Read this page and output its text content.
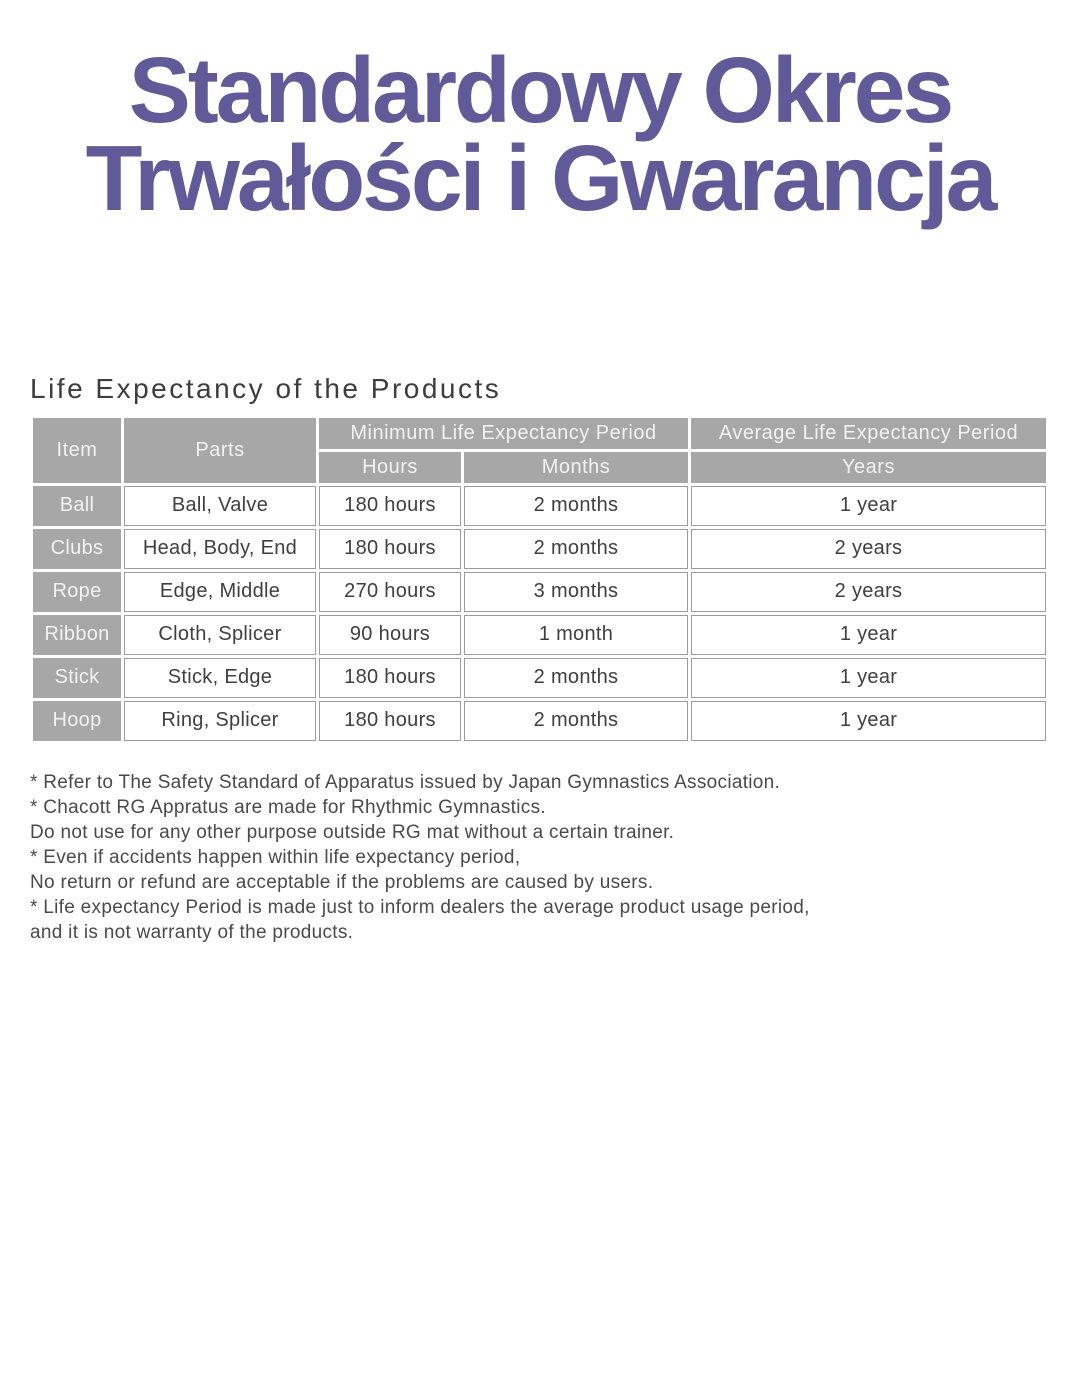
Standardowy Okres
Trwałości i Gwarancja
Life Expectancy of the Products
Item	Parts	Minimum Life Expectancy Period		Average Life Expectancy Period
		Hours	Months	Years
Ball	Ball, Valve	180 hours	2 months	1 year
Clubs	Head, Body, End	180 hours	2 months	2 years
Rope	Edge, Middle	270 hours	3 months	2 years
Ribbon	Cloth, Splicer	90 hours	1 month	1 year
Stick	Stick, Edge	180 hours	2 months	1 year
Hoop	Ring, Splicer	180 hours	2 months	1 year
* Refer to The Safety Standard of Apparatus issued by Japan Gymnastics Association.
* Chacott RG Appratus are made for Rhythmic Gymnastics.
Do not use for any other purpose outside RG mat without a certain trainer.
* Even if accidents happen within life expectancy period,
No return or refund are acceptable if the problems are caused by users.
* Life expectancy Period is made just to inform dealers the average product usage period,
and it is not warranty of the products.
